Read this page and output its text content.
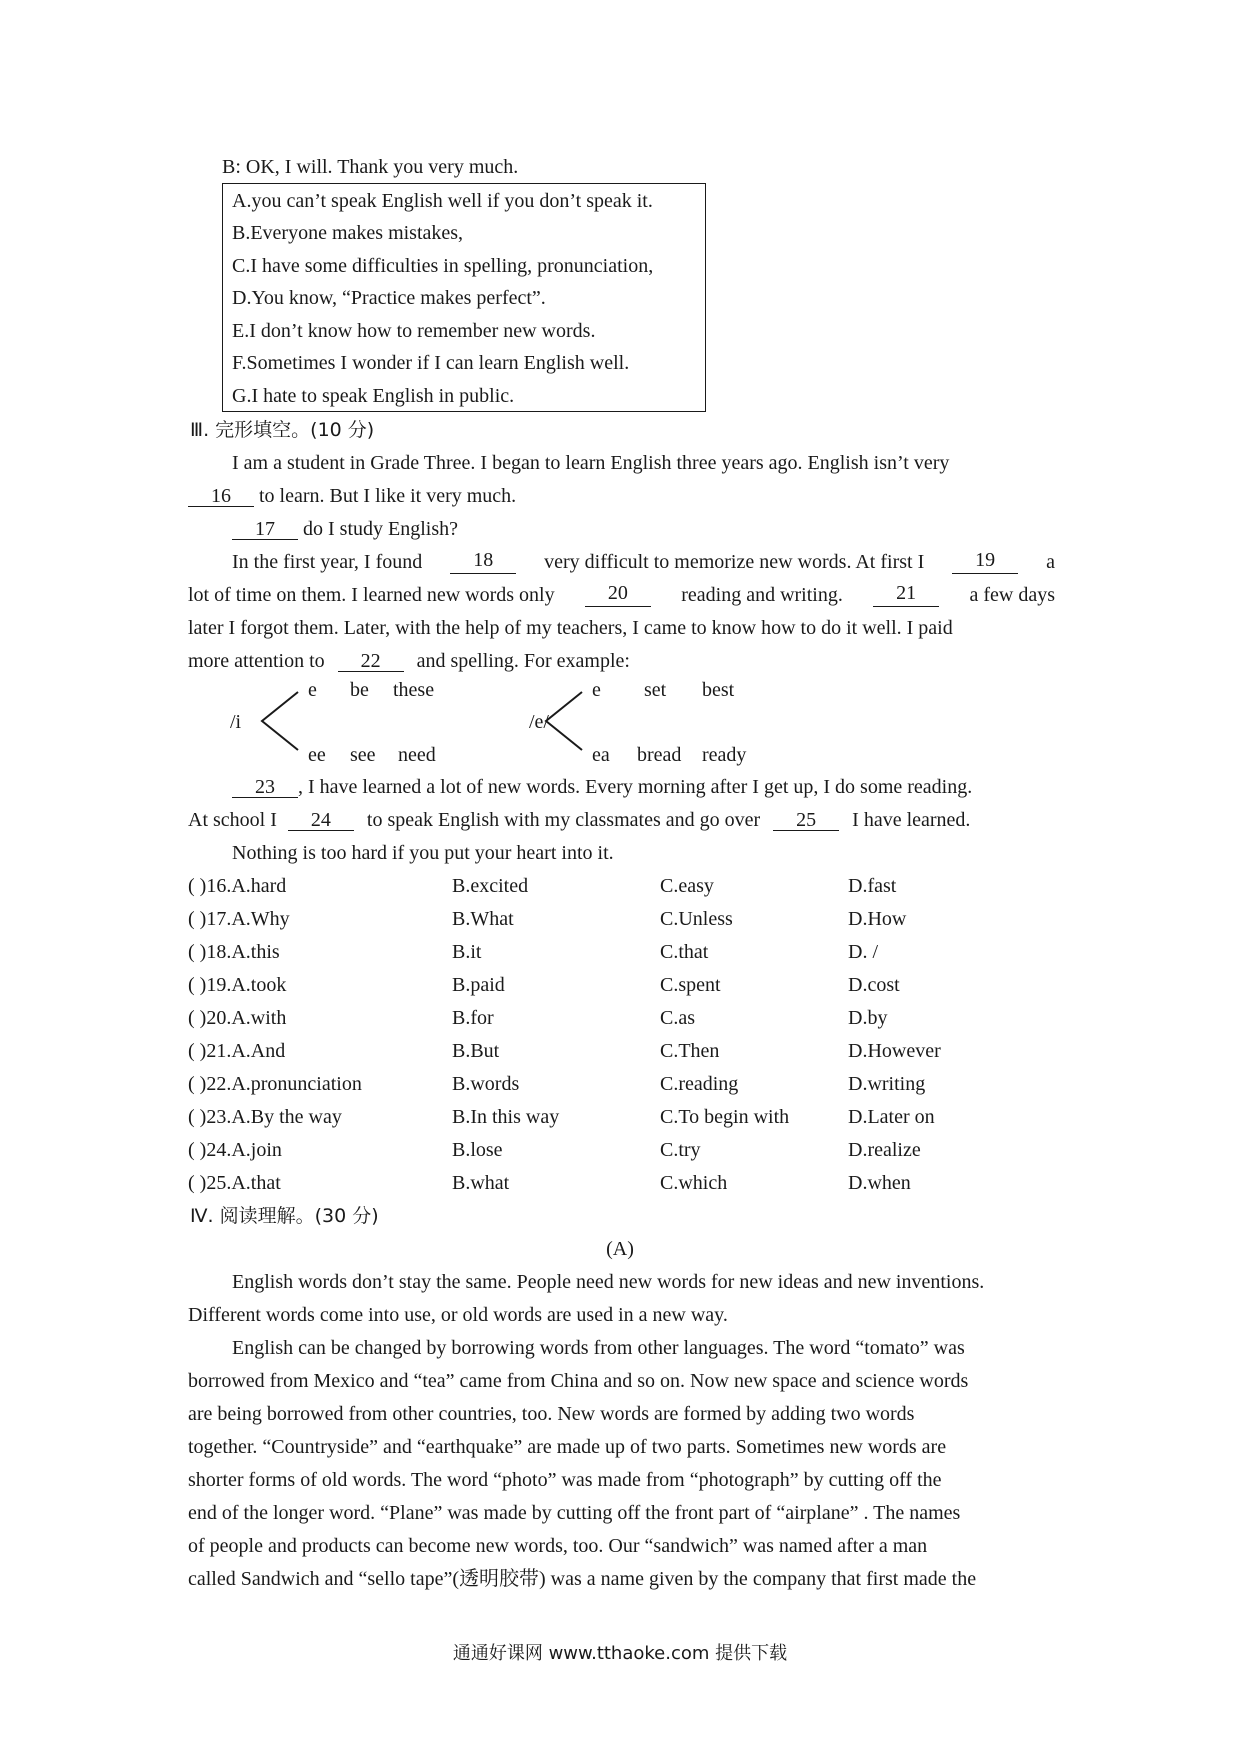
B: OK, I will. Thank you very much.
A.you can’t speak English well if you don’t speak it.
B.Everyone makes mistakes,
C.I have some difficulties in spelling, pronunciation,
D.You know, “Practice makes perfect”.
E.I don’t know how to remember new words.
F.Sometimes I wonder if I can learn English well.
G.I hate to speak English in public.
Ⅲ. 完形填空。(10 分)
I am a student in Grade Three. I began to learn English three years ago. English isn’t very
16 to learn. But I like it very much.
17 do I study English?
In the first year, I found	18	very difficult to memorize new words. At first I	19	a
lot of time on them. I learned new words only	20	reading and writing.	21	a few days
later I forgot them. Later, with the help of my teachers, I came to know how to do it well. I paid
more attention to 22 and spelling. For example:
/i
e be these
ee see need
/e/
e set best
ea bread ready
23 , I have learned a lot of new words. Every morning after I get up, I do some reading.
At school I 24 to speak English with my classmates and go over 25 I have learned.
Nothing is too hard if you put your heart into it.
( )16.A.hard	B.excited	C.easy	D.fast
( )17.A.Why	B.What	C.Unless	D.How
( )18.A.this	B.it	C.that	D. /
( )19.A.took	B.paid	C.spent	D.cost
( )20.A.with	B.for	C.as	D.by
( )21.A.And	B.But	C.Then	D.However
( )22.A.pronunciation	B.words	C.reading	D.writing
( )23.A.By the way	B.In this way	C.To begin with	D.Later on
( )24.A.join	B.lose	C.try	D.realize
( )25.A.that	B.what	C.which	D.when
Ⅳ. 阅读理解。(30 分)
(A)
English words don’t stay the same. People need new words for new ideas and new inventions.
Different words come into use, or old words are used in a new way.
English can be changed by borrowing words from other languages. The word “tomato” was
borrowed from Mexico and “tea” came from China and so on. Now new space and science words
are being borrowed from other countries, too. New words are formed by adding two words
together. “Countryside” and “earthquake” are made up of two parts. Sometimes new words are
shorter forms of old words. The word “photo” was made from “photograph” by cutting off the
end of the longer word. “Plane” was made by cutting off the front part of “airplane” . The names
of people and products can become new words, too. Our “sandwich” was named after a man
called Sandwich and “sello tape”(透明胶带) was a name given by the company that first made the
通通好课网 www.tthaoke.com 提供下载
